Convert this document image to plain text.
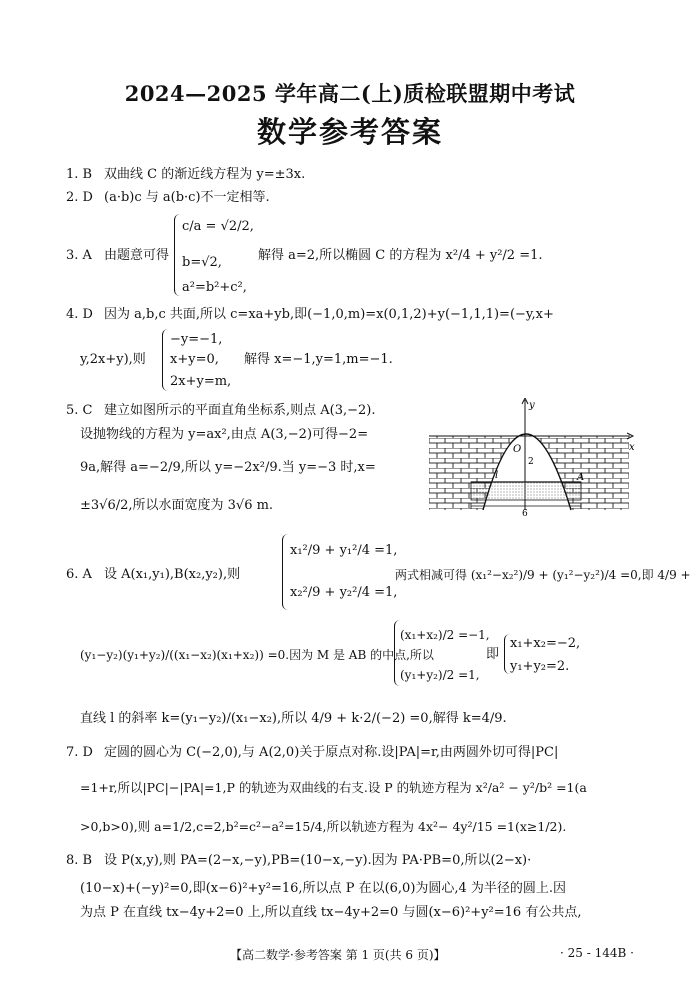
2024—2025 学年高二(上)质检联盟期中考试
数学参考答案
1. B 双曲线 C 的渐近线方程为 y=±3x.
2. D (a·b)c 与 a(b·c)不一定相等.
3. A 由题意可得
c/a = √2/2,
b=√2,
a²=b²+c²,
解得 a=2,所以椭圆 C 的方程为 x²/4 + y²/2 =1.
4. D 因为 a,b,c 共面,所以 c=xa+yb,即(−1,0,m)=x(0,1,2)+y(−1,1,1)=(−y,x+
y,2x+y),则
−y=−1,
x+y=0,
2x+y=m,
解得 x=−1,y=1,m=−1.
5. C 建立如图所示的平面直角坐标系,则点 A(3,−2).
设抛物线的方程为 y=ax²,由点 A(3,−2)可得−2=
9a,解得 a=−2/9,所以 y=−2x²/9.当 y=−3 时,x=
±3√6/2,所以水面宽度为 3√6 m.
y
x
O
2
A
l
6
6. A 设 A(x₁,y₁),B(x₂,y₂),则
x₁²/9 + y₁²/4 =1,
x₂²/9 + y₂²/4 =1,
两式相减可得 (x₁²−x₂²)/9 + (y₁²−y₂²)/4 =0,即 4/9 +
(y₁−y₂)(y₁+y₂)/((x₁−x₂)(x₁+x₂)) =0.因为 M 是 AB 的中点,所以
(x₁+x₂)/2 =−1,
(y₁+y₂)/2 =1,
即
x₁+x₂=−2,
y₁+y₂=2.
直线 l 的斜率 k=(y₁−y₂)/(x₁−x₂),所以 4/9 + k·2/(−2) =0,解得 k=4/9.
7. D 定圆的圆心为 C(−2,0),与 A(2,0)关于原点对称.设|PA|=r,由两圆外切可得|PC|
=1+r,所以|PC|−|PA|=1,P 的轨迹为双曲线的右支.设 P 的轨迹方程为 x²/a² − y²/b² =1(a
>0,b>0),则 a=1/2,c=2,b²=c²−a²=15/4,所以轨迹方程为 4x²− 4y²/15 =1(x≥1/2).
8. B 设 P(x,y),则 PA=(2−x,−y),PB=(10−x,−y).因为 PA·PB=0,所以(2−x)·
(10−x)+(−y)²=0,即(x−6)²+y²=16,所以点 P 在以(6,0)为圆心,4 为半径的圆上.因
为点 P 在直线 tx−4y+2=0 上,所以直线 tx−4y+2=0 与圆(x−6)²+y²=16 有公共点,
【高二数学·参考答案 第 1 页(共 6 页)】	· 25 - 144B ·
